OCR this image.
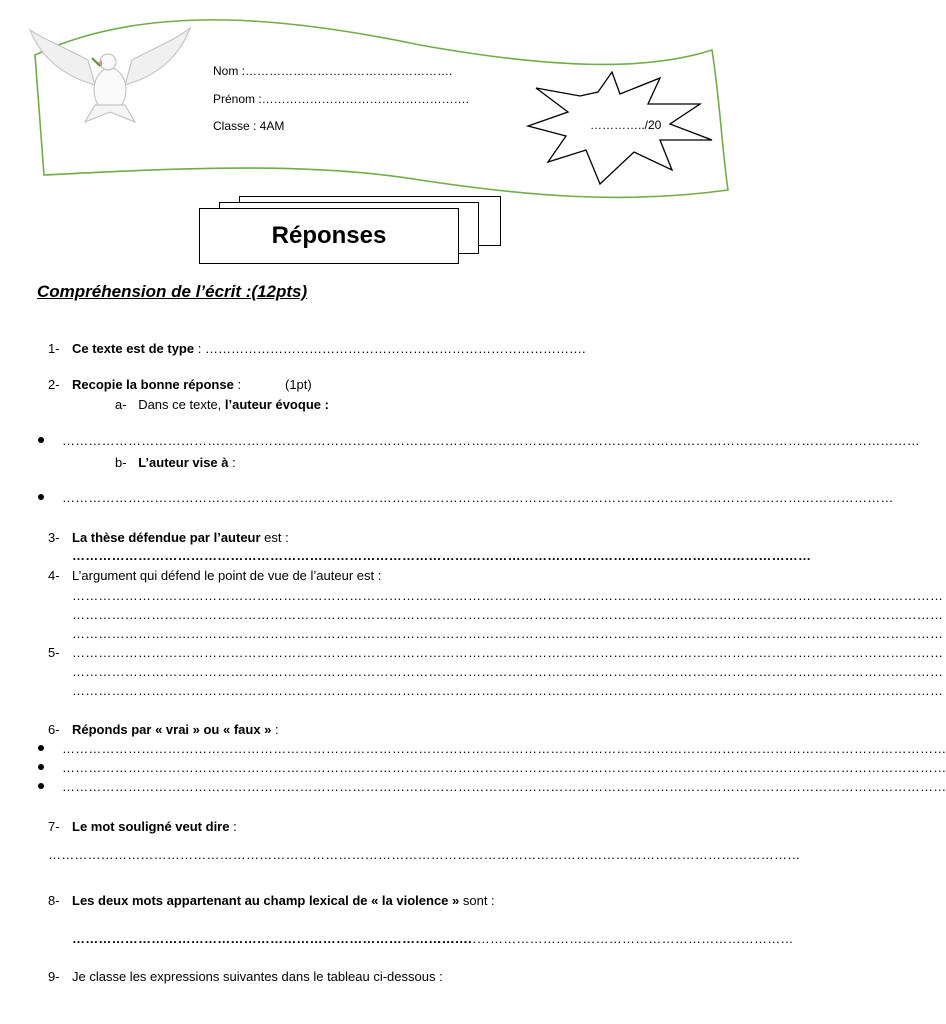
Nom :…………………………………………….
Prénom :…………………………………………….
Classe : 4AM	…………../20
Réponses
Compréhension de l’écrit :(12pts)
1- Ce texte est de type : …………………………………………………………………………….
2- Recopie la bonne réponse :	(1pt)
a- Dans ce texte, l’auteur évoque :
……………………………………………………………………………………………………………………………………………………………………………
b- L’auteur vise à :
………………………………………………………………………………………………………………………………………………………………………
3- La thèse défendue par l’auteur est :
……………………………………………………………………………………………………………………………………………………
4- L’argument qui défend le point de vue de l’auteur est :
………………………………………………………………………………………………………………………………………………………………………………
………………………………………………………………………………………………………………………………………………………………………………
………………………………………………………………………………………………………………………………………………………………………………
5- ………………………………………………………………………………………………………………………………………………………………………………
………………………………………………………………………………………………………………………………………………………………………………
………………………………………………………………………………………………………………………………………………………………………………
6- Réponds par « vrai » ou « faux » :
…………………………………………………………………………………………………………………………………………………………………………………
…………………………………………………………………………………………………………………………………………………………………………………
…………………………………………………………………………………………………………………………………………………………………………………
7- Le mot souligné veut dire :
………………………………………………………………………………………………………………………………………………………
8- Les deux mots appartenant au champ lexical de « la violence » sont :
……………………………………………………………………………….
…………………………………………………………………………
9- Je classe les expressions suivantes dans le tableau ci-dessous :
